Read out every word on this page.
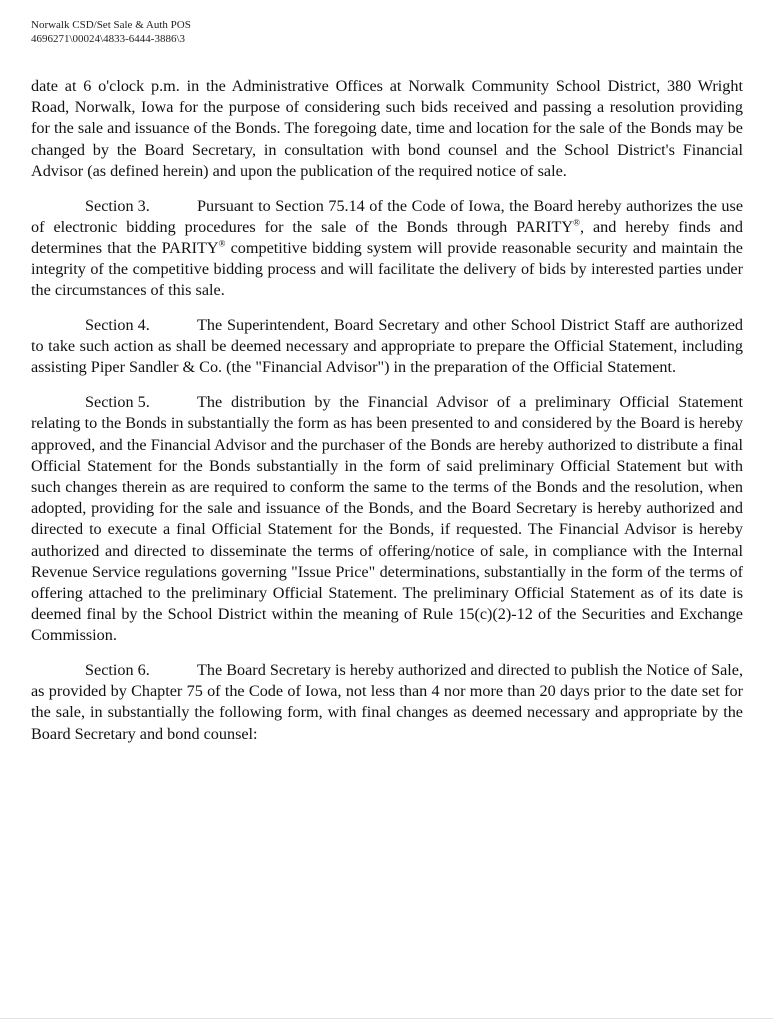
Norwalk CSD/Set Sale & Auth POS
4696271\00024\4833-6444-3886\3

date at 6 o'clock p.m. in the Administrative Offices at Norwalk Community School District, 380 Wright Road, Norwalk, Iowa for the purpose of considering such bids received and passing a resolution providing for the sale and issuance of the Bonds. The foregoing date, time and location for the sale of the Bonds may be changed by the Board Secretary, in consultation with bond counsel and the School District's Financial Advisor (as defined herein) and upon the publication of the required notice of sale.

Section 3.	Pursuant to Section 75.14 of the Code of Iowa, the Board hereby authorizes the use of electronic bidding procedures for the sale of the Bonds through PARITY®, and hereby finds and determines that the PARITY® competitive bidding system will provide reasonable security and maintain the integrity of the competitive bidding process and will facilitate the delivery of bids by interested parties under the circumstances of this sale.

Section 4.	The Superintendent, Board Secretary and other School District Staff are authorized to take such action as shall be deemed necessary and appropriate to prepare the Official Statement, including assisting Piper Sandler & Co. (the "Financial Advisor") in the preparation of the Official Statement.

Section 5.	The distribution by the Financial Advisor of a preliminary Official Statement relating to the Bonds in substantially the form as has been presented to and considered by the Board is hereby approved, and the Financial Advisor and the purchaser of the Bonds are hereby authorized to distribute a final Official Statement for the Bonds substantially in the form of said preliminary Official Statement but with such changes therein as are required to conform the same to the terms of the Bonds and the resolution, when adopted, providing for the sale and issuance of the Bonds, and the Board Secretary is hereby authorized and directed to execute a final Official Statement for the Bonds, if requested. The Financial Advisor is hereby authorized and directed to disseminate the terms of offering/notice of sale, in compliance with the Internal Revenue Service regulations governing "Issue Price" determinations, substantially in the form of the terms of offering attached to the preliminary Official Statement. The preliminary Official Statement as of its date is deemed final by the School District within the meaning of Rule 15(c)(2)-12 of the Securities and Exchange Commission.

Section 6.	The Board Secretary is hereby authorized and directed to publish the Notice of Sale, as provided by Chapter 75 of the Code of Iowa, not less than 4 nor more than 20 days prior to the date set for the sale, in substantially the following form, with final changes as deemed necessary and appropriate by the Board Secretary and bond counsel:
